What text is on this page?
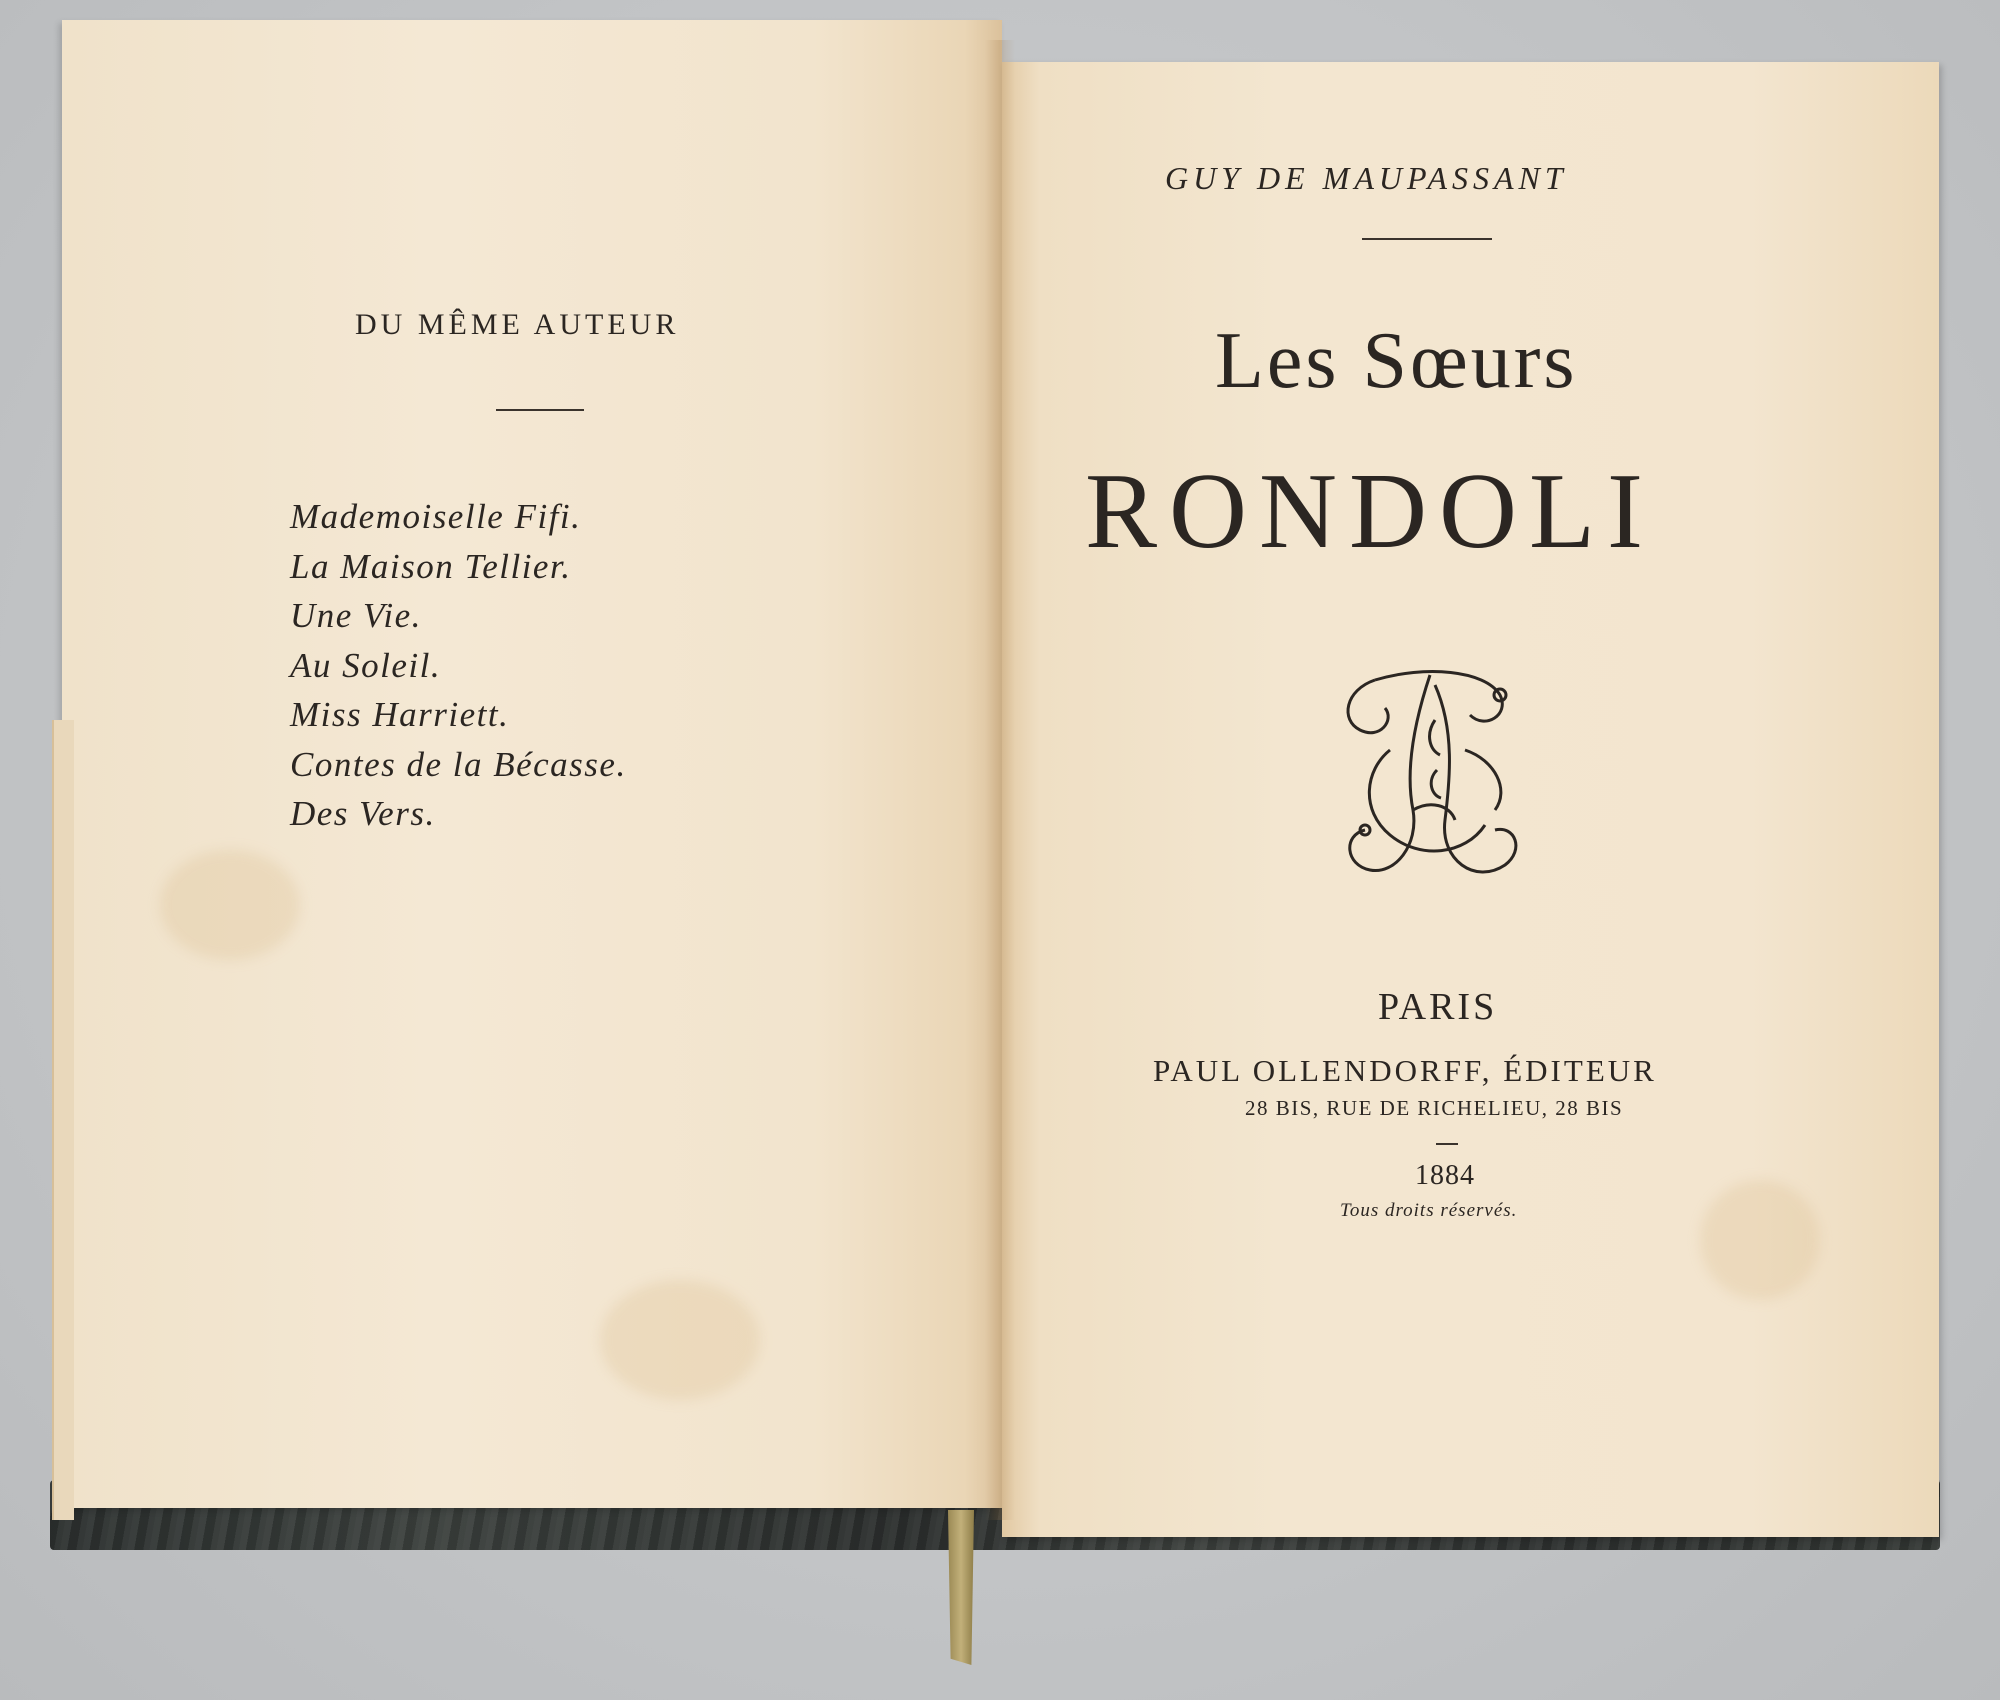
DU MÊME AUTEUR
Mademoiselle Fifi.
La Maison Tellier.
Une Vie.
Au Soleil.
Miss Harriett.
Contes de la Bécasse.
Des Vers.
GUY DE MAUPASSANT
Les Sœurs
RONDOLI
PARIS
PAUL OLLENDORFF, ÉDITEUR
28 BIS, RUE DE RICHELIEU, 28 BIS
1884
Tous droits réservés.
